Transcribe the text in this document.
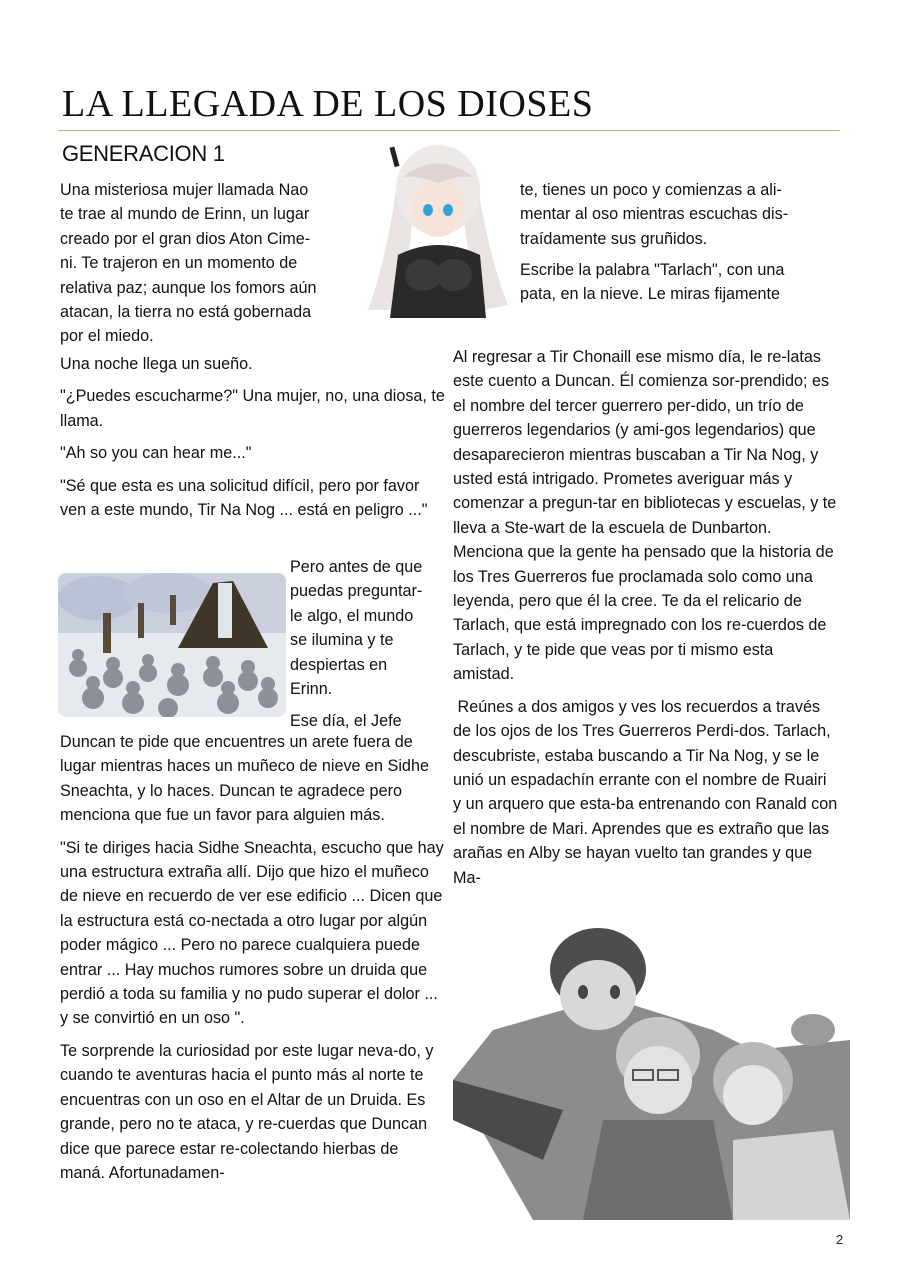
LA LLEGADA DE LOS DIOSES
GENERACION 1
Una misteriosa mujer llamada Nao
te trae al mundo de Erinn, un lugar
creado por el gran dios Aton Cime-
ni. Te trajeron en un momento de
relativa paz; aunque los fomors aún
atacan, la tierra no está gobernada
por el miedo.
te, tienes un poco y comienzas a ali-
mentar al oso mientras escuchas dis-
traídamente sus gruñidos.
Escribe la palabra "Tarlach", con una
pata, en la nieve. Le miras fijamente

Una noche llega un sueño.

"¿Puedes escucharme?" Una mujer, no, una diosa, te llama.

"Ah so you can hear me..."

"Sé que esta es una solicitud difícil, pero por favor ven a este mundo, Tir Na Nog ... está en peligro ..."

Pero antes de que
puedas preguntar-
le algo, el mundo
se ilumina y te
despiertas en
Erinn.
Ese día, el Jefe

Duncan te pide que encuentres un arete fuera de lugar mientras haces un muñeco de nieve en Sidhe Sneachta, y lo haces. Duncan te agradece pero menciona que fue un favor para alguien más.

"Si te diriges hacia Sidhe Sneachta, escucho que hay una estructura extraña allí. Dijo que hizo el muñeco de nieve en recuerdo de ver ese edificio ... Dicen que la estructura está co-nectada a otro lugar por algún poder mágico ... Pero no parece cualquiera puede entrar ... Hay muchos rumores sobre un druida que perdió a toda su familia y no pudo superar el dolor ... y se convirtió en un oso ".

Te sorprende la curiosidad por este lugar neva-do, y cuando te aventuras hacia el punto más al norte te encuentras con un oso en el Altar de un Druida. Es grande, pero no te ataca, y re-cuerdas que Duncan dice que parece estar re-colectando hierbas de maná. Afortunadamen-

Al regresar a Tir Chonaill ese mismo día, le re-latas este cuento a Duncan. Él comienza sor-prendido; es el nombre del tercer guerrero per-dido, un trío de guerreros legendarios (y ami-gos legendarios) que desaparecieron mientras buscaban a Tir Na Nog, y usted está intrigado. Prometes averiguar más y comenzar a pregun-tar en bibliotecas y escuelas, y te lleva a Ste-wart de la escuela de Dunbarton. Menciona que la gente ha pensado que la historia de los Tres Guerreros fue proclamada solo como una leyenda, pero que él la cree. Te da el relicario de Tarlach, que está impregnado con los re-cuerdos de Tarlach, y te pide que veas por ti mismo esta amistad.

Reúnes a dos amigos y ves los recuerdos a través de los ojos de los Tres Guerreros Perdi-dos. Tarlach, descubriste, estaba buscando a Tir Na Nog, y se le unió un espadachín errante con el nombre de Ruairi y un arquero que esta-ba entrenando con Ranald con el nombre de Mari. Aprendes que es extraño que las arañas en Alby se hayan vuelto tan grandes y que Ma-

2
